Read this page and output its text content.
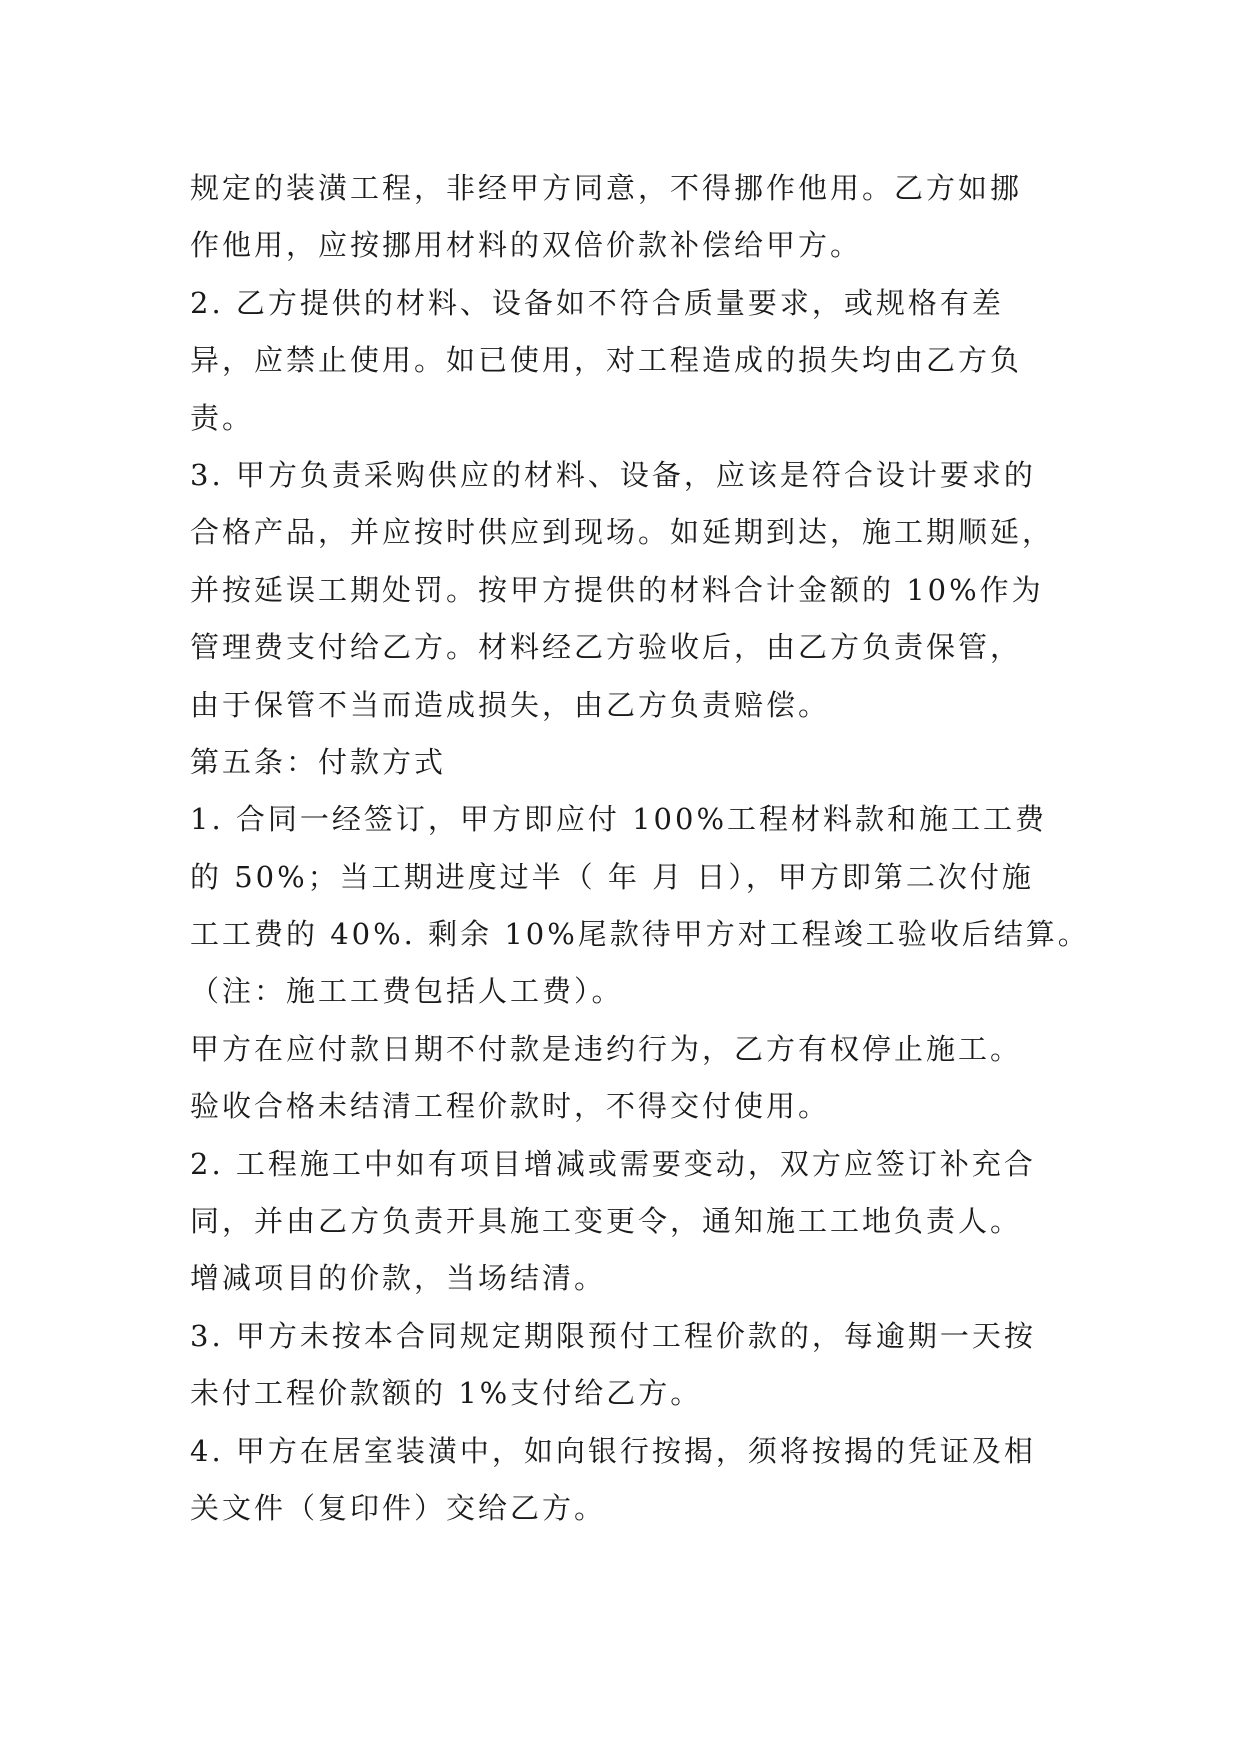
规定的装潢工程，非经甲方同意，不得挪作他用。乙方如挪
作他用，应按挪用材料的双倍价款补偿给甲方。
2. 乙方提供的材料、设备如不符合质量要求，或规格有差
异，应禁止使用。如已使用，对工程造成的损失均由乙方负
责。
3. 甲方负责采购供应的材料、设备，应该是符合设计要求的
合格产品，并应按时供应到现场。如延期到达，施工期顺延，
并按延误工期处罚。按甲方提供的材料合计金额的 10%作为
管理费支付给乙方。材料经乙方验收后，由乙方负责保管，
由于保管不当而造成损失，由乙方负责赔偿。
第五条：付款方式
1. 合同一经签订，甲方即应付 100%工程材料款和施工工费
的 50%；当工期进度过半（ 年 月 日），甲方即第二次付施
工工费的 40%. 剩余 10%尾款待甲方对工程竣工验收后结算。
（注：施工工费包括人工费）。
甲方在应付款日期不付款是违约行为，乙方有权停止施工。
验收合格未结清工程价款时，不得交付使用。
2. 工程施工中如有项目增减或需要变动，双方应签订补充合
同，并由乙方负责开具施工变更令，通知施工工地负责人。
增减项目的价款，当场结清。
3. 甲方未按本合同规定期限预付工程价款的，每逾期一天按
未付工程价款额的 1%支付给乙方。
4. 甲方在居室装潢中，如向银行按揭，须将按揭的凭证及相
关文件（复印件）交给乙方。
